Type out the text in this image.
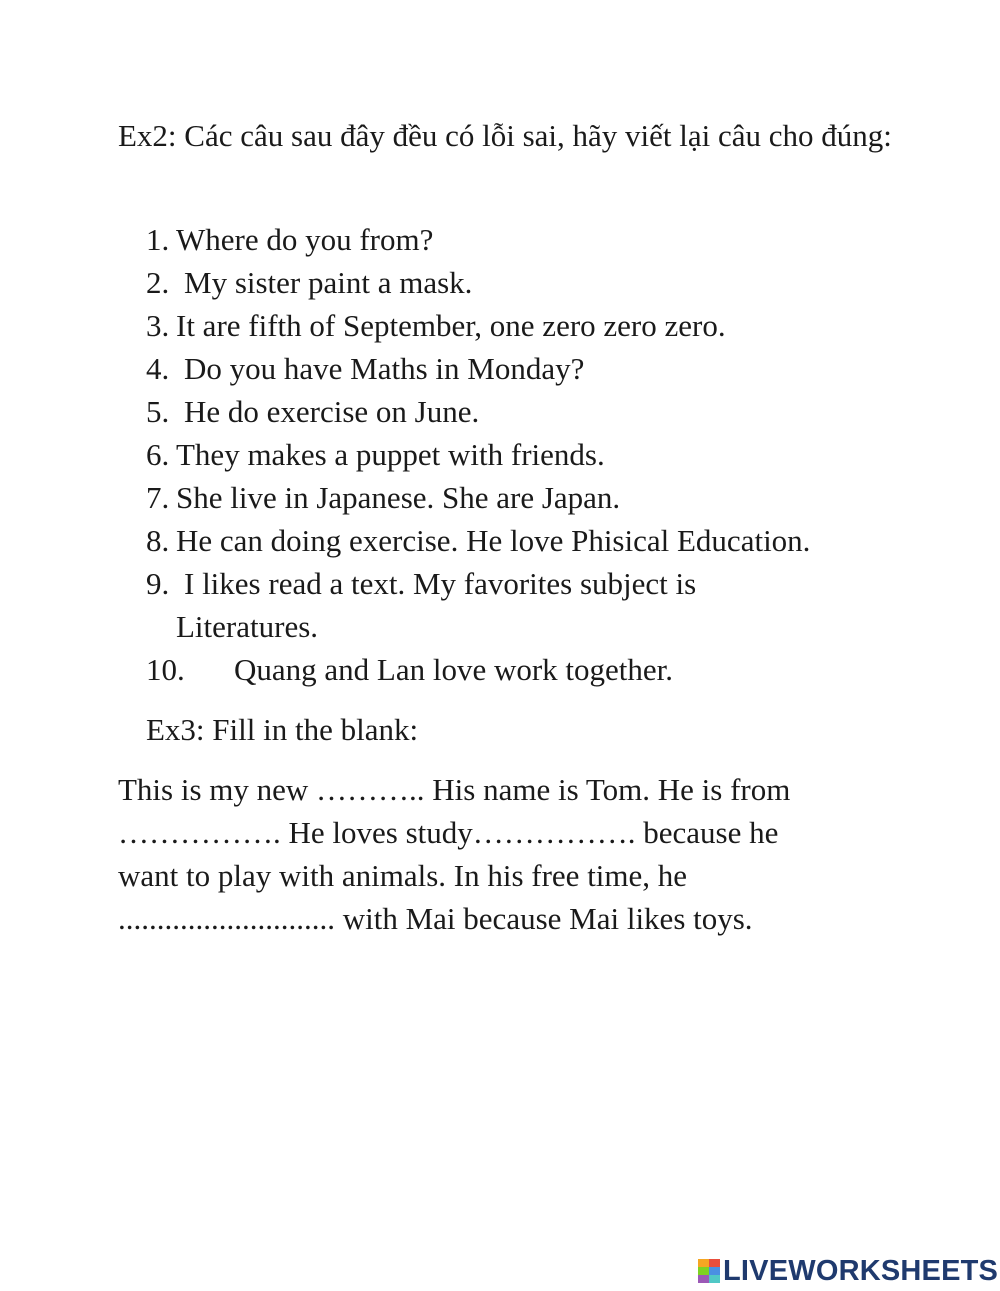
Ex2: Các câu sau đây đều có lỗi sai, hãy viết lại câu cho đúng:

1. Where do you from?
2. My sister paint a mask.
3. It are fifth of September, one zero zero zero.
4. Do you have Maths in Monday?
5. He do exercise on June.
6. They makes a puppet with friends.
7. She live in Japanese. She are Japan.
8. He can doing exercise. He love Phisical Education.
9. I likes read a text. My favorites subject is Literatures.
10. Quang and Lan love work together.

Ex3: Fill in the blank:

This is my new ……….. His name is Tom. He is from
……………. He loves study……………. because he
want to play with animals. In his free time, he
............................ with Mai because Mai likes toys.

LIVEWORKSHEETS
